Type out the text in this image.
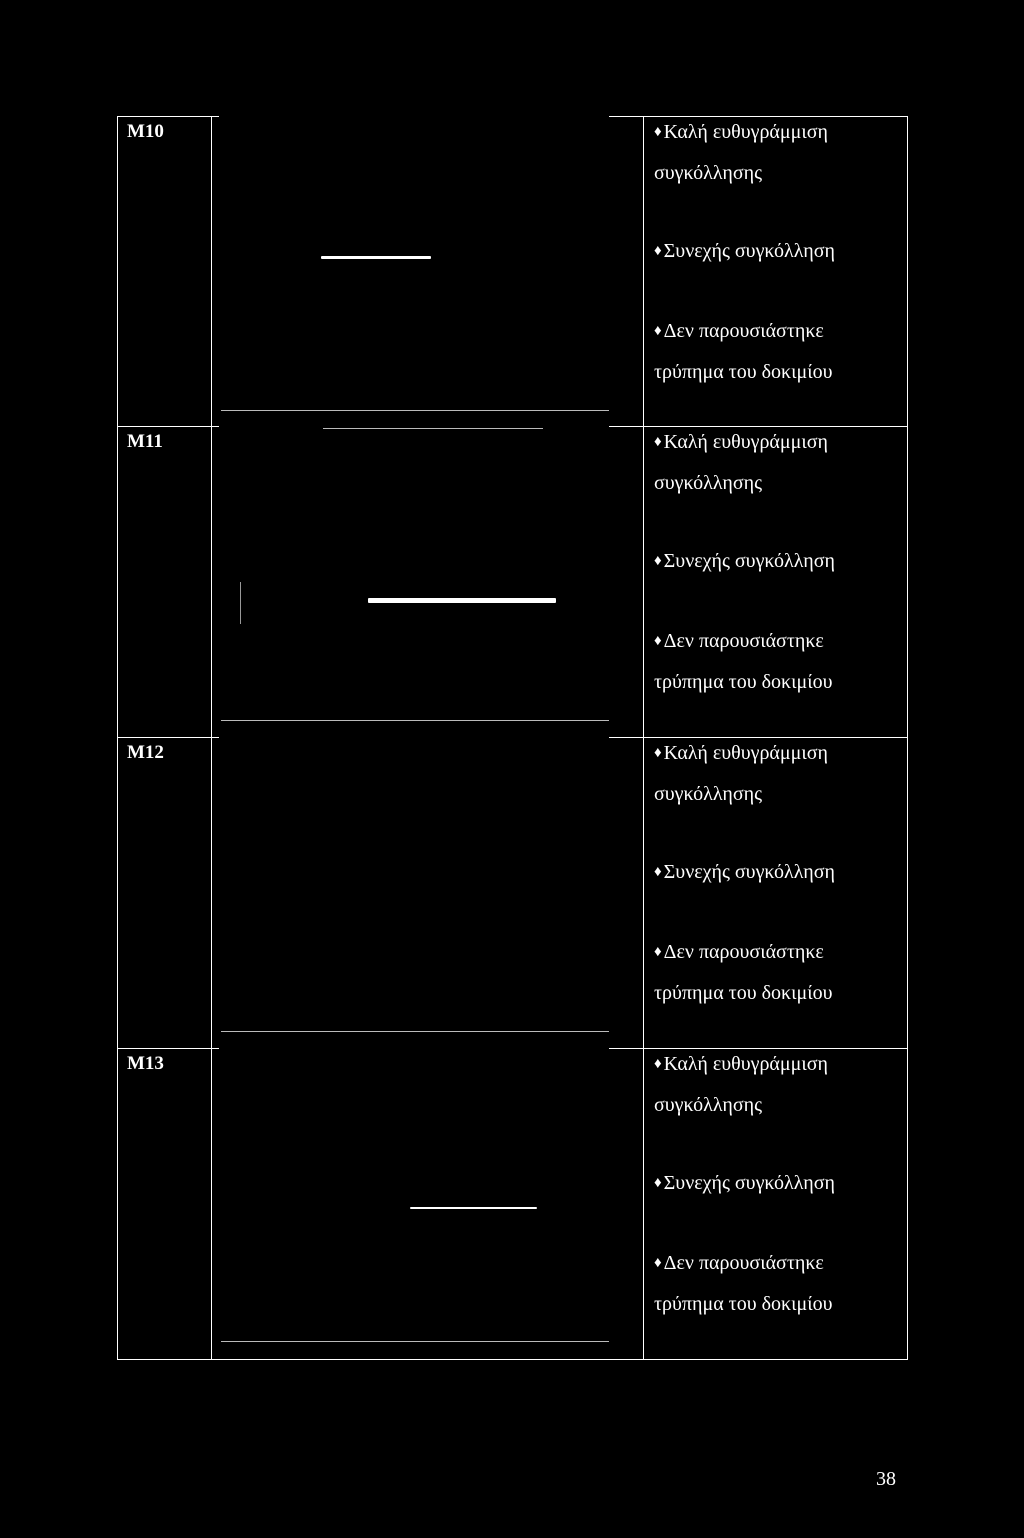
M10
M11
M12
M13
♦ Καλή ευθυγράμμιση
συγκόλλησης
♦ Συνεχής συγκόλληση
♦ Δεν παρουσιάστηκε
τρύπημα του δοκιμίου
♦ Καλή ευθυγράμμιση
συγκόλλησης
♦ Συνεχής συγκόλληση
♦ Δεν παρουσιάστηκε
τρύπημα του δοκιμίου
♦ Καλή ευθυγράμμιση
συγκόλλησης
♦ Συνεχής συγκόλληση
♦ Δεν παρουσιάστηκε
τρύπημα του δοκιμίου
♦ Καλή ευθυγράμμιση
συγκόλλησης
♦ Συνεχής συγκόλληση
♦ Δεν παρουσιάστηκε
τρύπημα του δοκιμίου
38
